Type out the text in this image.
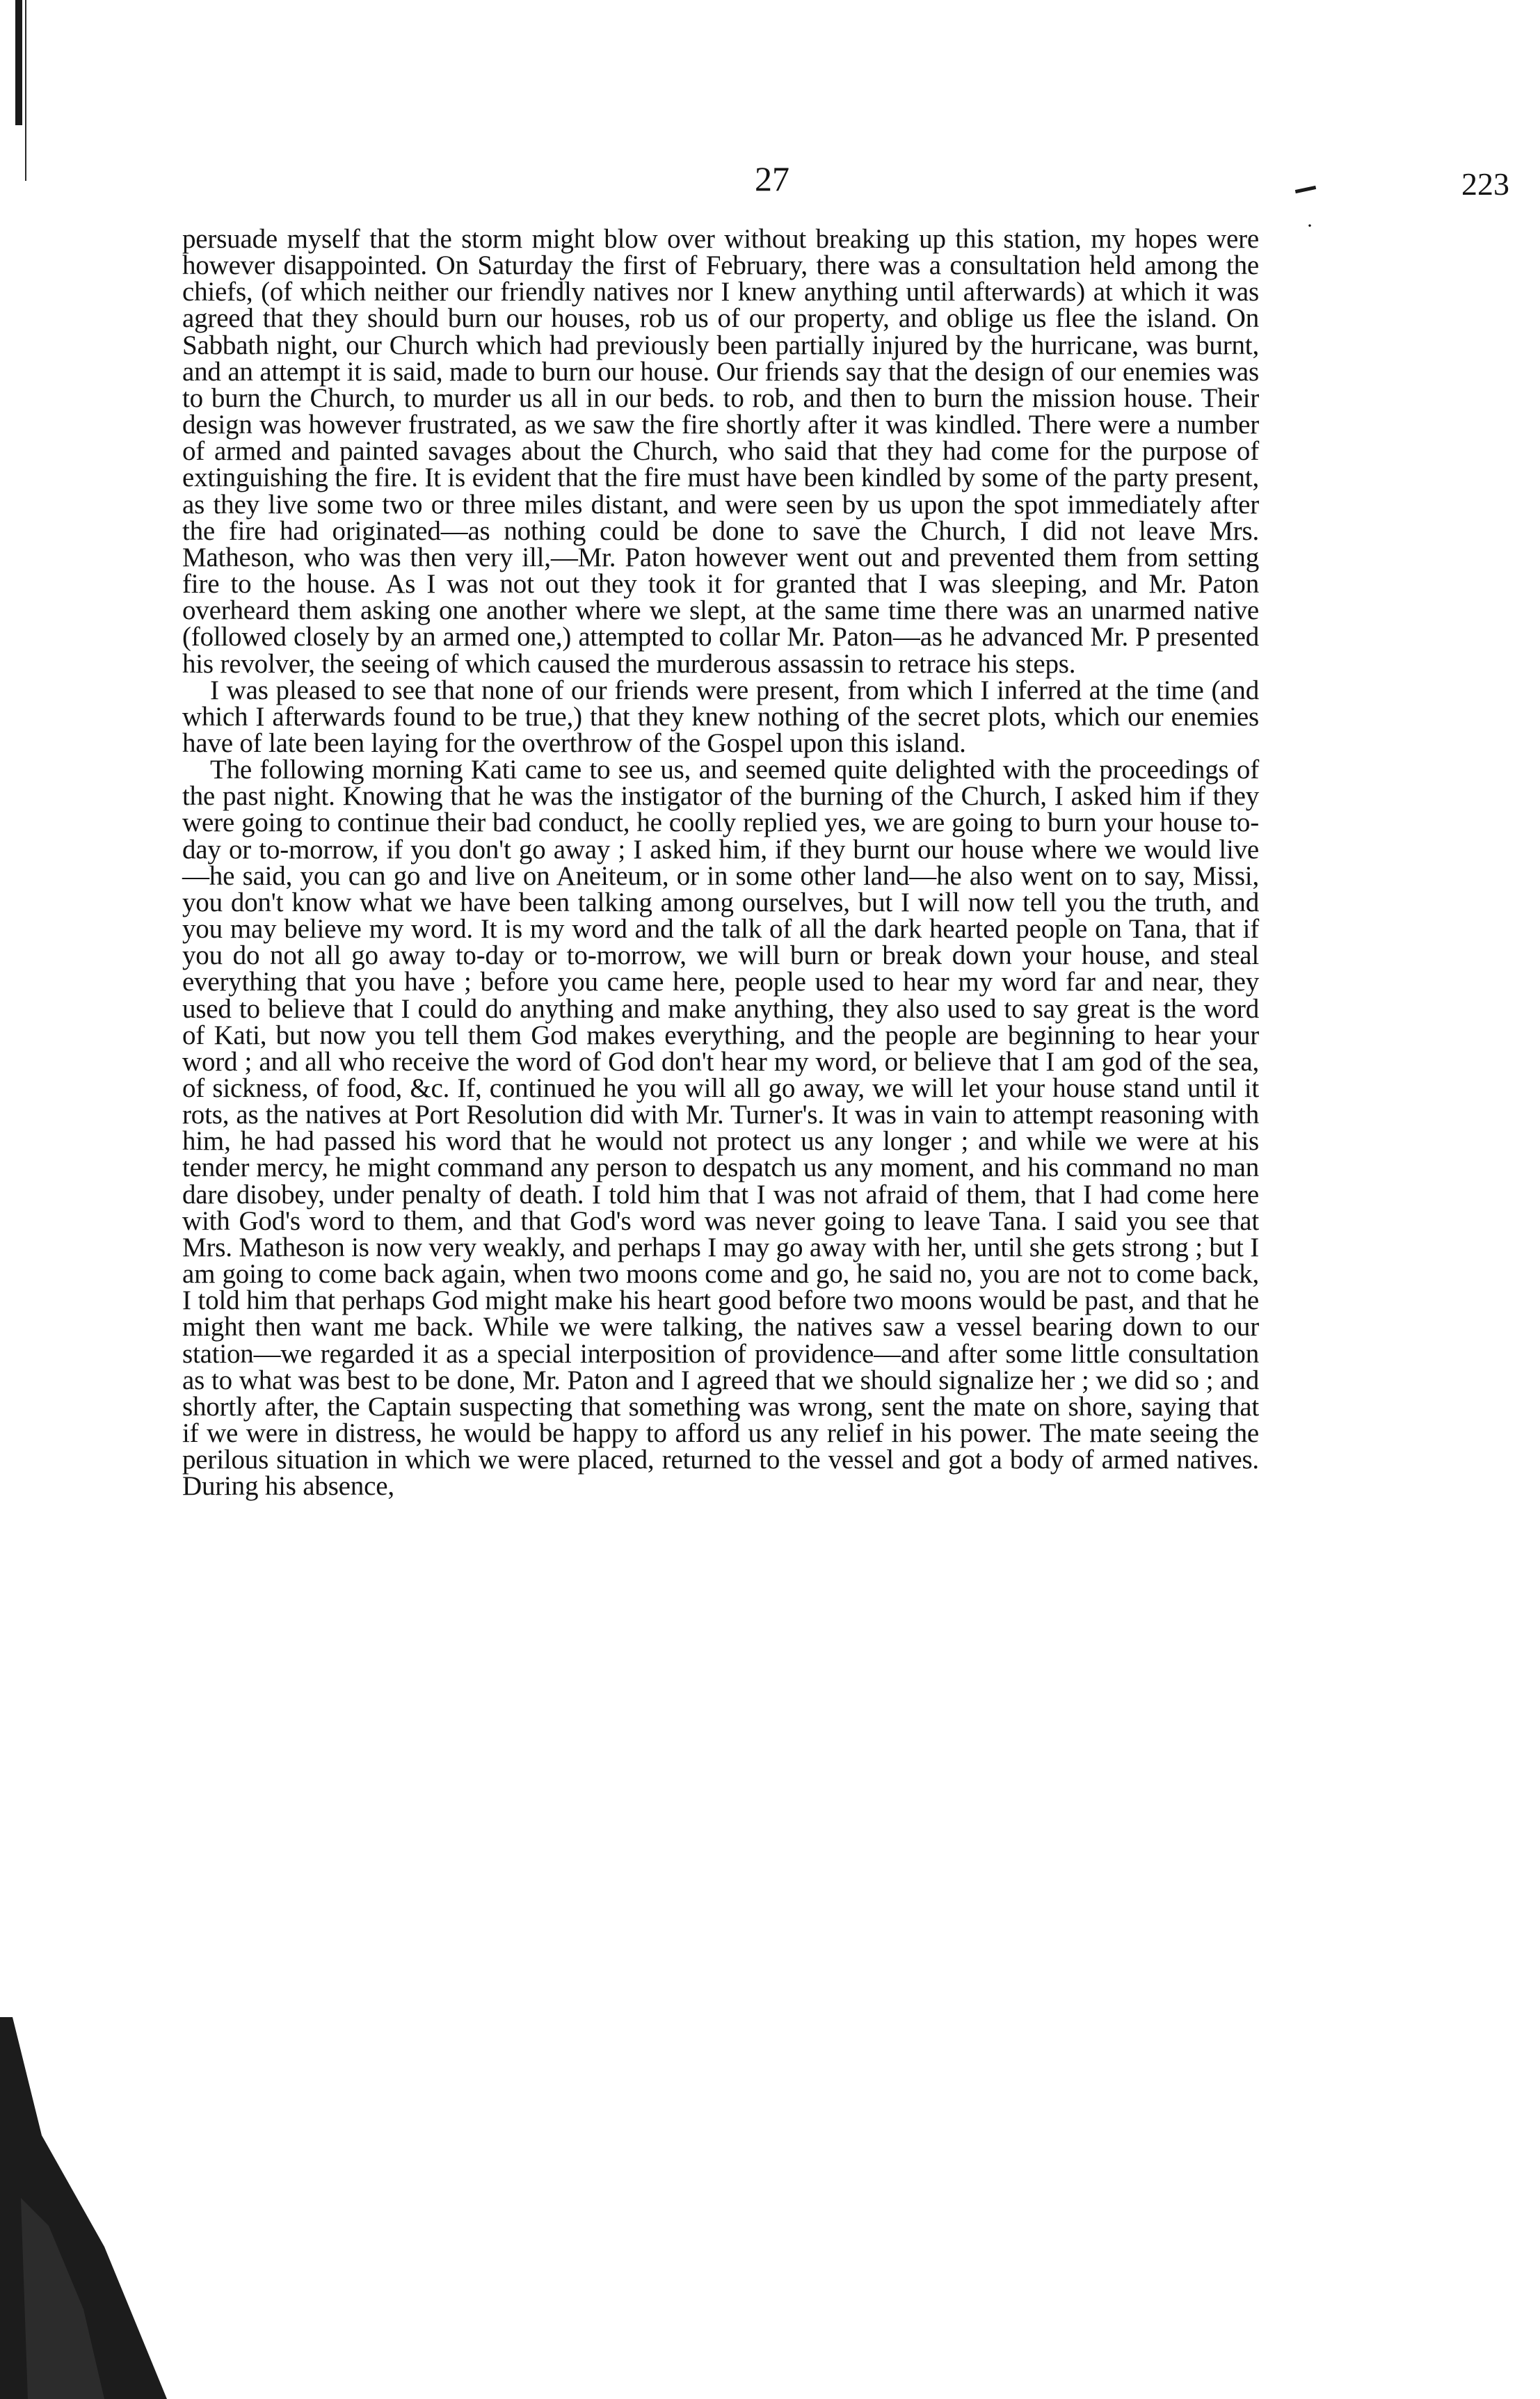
27	223
·

persuade myself that the storm might blow over without breaking up this station, my hopes were however disappointed. On Saturday the first of February, there was a consultation held among the chiefs, (of which neither our friendly natives nor I knew anything until afterwards) at which it was agreed that they should burn our houses, rob us of our property, and oblige us flee the island. On Sabbath night, our Church which had previously been partially injured by the hurricane, was burnt, and an attempt it is said, made to burn our house. Our friends say that the design of our enemies was to burn the Church, to murder us all in our beds. to rob, and then to burn the mission house. Their design was however frustrated, as we saw the fire shortly after it was kindled. There were a number of armed and painted savages about the Church, who said that they had come for the purpose of extinguishing the fire. It is evident that the fire must have been kindled by some of the party present, as they live some two or three miles distant, and were seen by us upon the spot immediately after the fire had originated—as nothing could be done to save the Church, I did not leave Mrs. Matheson, who was then very ill,—Mr. Paton however went out and prevented them from setting fire to the house. As I was not out they took it for granted that I was sleeping, and Mr. Paton overheard them asking one another where we slept, at the same time there was an unarmed native (followed closely by an armed one,) attempted to collar Mr. Paton—as he advanced Mr. P presented his revolver, the seeing of which caused the murderous assassin to retrace his steps.

I was pleased to see that none of our friends were present, from which I inferred at the time (and which I afterwards found to be true,) that they knew nothing of the secret plots, which our enemies have of late been laying for the overthrow of the Gospel upon this island.

The following morning Kati came to see us, and seemed quite delighted with the proceedings of the past night. Knowing that he was the instigator of the burning of the Church, I asked him if they were going to continue their bad conduct, he coolly replied yes, we are going to burn your house to-day or to-morrow, if you don't go away ; I asked him, if they burnt our house where we would live—he said, you can go and live on Aneiteum, or in some other land—he also went on to say, Missi, you don't know what we have been talking among ourselves, but I will now tell you the truth, and you may believe my word. It is my word and the talk of all the dark hearted people on Tana, that if you do not all go away to-day or to-morrow, we will burn or break down your house, and steal everything that you have ; before you came here, people used to hear my word far and near, they used to believe that I could do anything and make anything, they also used to say great is the word of Kati, but now you tell them God makes everything, and the people are beginning to hear your word ; and all who receive the word of God don't hear my word, or believe that I am god of the sea, of sickness, of food, &c. If, continued he you will all go away, we will let your house stand until it rots, as the natives at Port Resolution did with Mr. Turner's. It was in vain to attempt reasoning with him, he had passed his word that he would not protect us any longer ; and while we were at his tender mercy, he might command any person to despatch us any moment, and his command no man dare disobey, under penalty of death. I told him that I was not afraid of them, that I had come here with God's word to them, and that God's word was never going to leave Tana. I said you see that Mrs. Matheson is now very weakly, and perhaps I may go away with her, until she gets strong ; but I am going to come back again, when two moons come and go, he said no, you are not to come back, I told him that perhaps God might make his heart good before two moons would be past, and that he might then want me back. While we were talking, the natives saw a vessel bearing down to our station—we regarded it as a special interposition of providence—and after some little consultation as to what was best to be done, Mr. Paton and I agreed that we should signalize her ; we did so ; and shortly after, the Captain suspecting that something was wrong, sent the mate on shore, saying that if we were in distress, he would be happy to afford us any relief in his power. The mate seeing the perilous situation in which we were placed, returned to the vessel and got a body of armed natives. During his absence,
